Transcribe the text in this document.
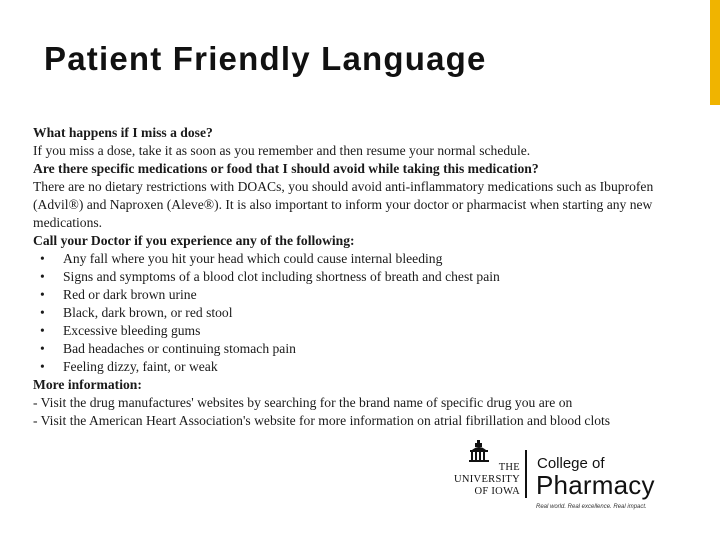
Patient Friendly Language
What happens if I miss a dose?

If you miss a dose, take it as soon as you remember and then resume your normal schedule.

Are there specific medications or food that I should avoid while taking this medication?

There are no dietary restrictions with DOACs, you should avoid anti-inflammatory medications such as Ibuprofen (Advil®) and Naproxen (Aleve®). It is also important to inform your doctor or pharmacist when starting any new medications.

Call your Doctor if you experience any of the following:
• Any fall where you hit your head which could cause internal bleeding
• Signs and symptoms of a blood clot including shortness of breath and chest pain
• Red or dark brown urine
• Black, dark brown, or red stool
• Excessive bleeding gums
• Bad headaches or continuing stomach pain
• Feeling dizzy, faint, or weak
More information:
- Visit the drug manufactures' websites by searching for the brand name of specific drug you are on
- Visit the American Heart Association's website for more information on atrial fibrillation and blood clots
THE
UNIVERSITY
OF IOWA
College of
Pharmacy
Real world. Real excellence. Real impact.
